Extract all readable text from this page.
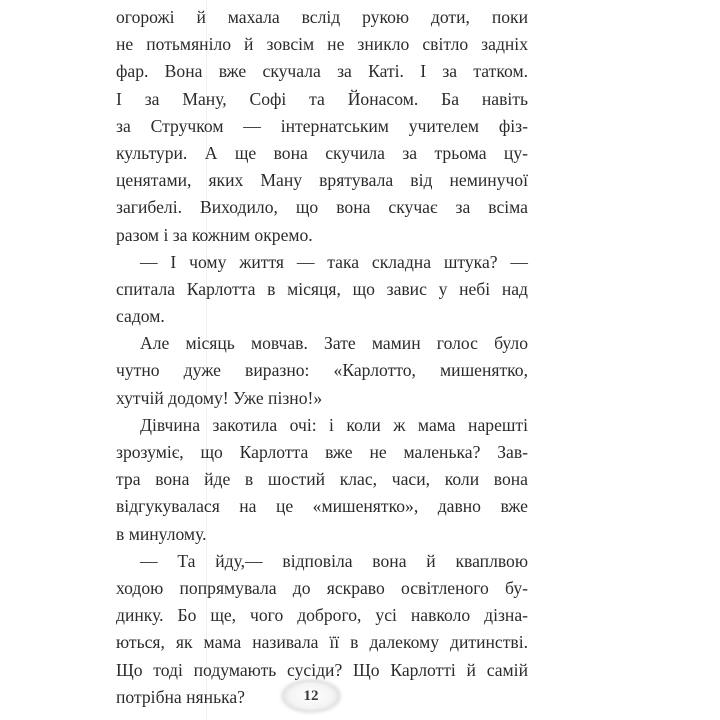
огорожі й махала вслід рукою доти, поки
не потьмяніло й зовсім не зникло світло задніх
фар. Вона вже скучала за Каті. І за татком.
І за Ману, Софі та Йонасом. Ба навіть
за Стручком — інтернатським учителем фіз-
культури. А ще вона скучила за трьома цу-
ценятами, яких Ману врятувала від неминучої
загибелі. Виходило, що вона скучає за всіма
разом і за кожним окремо.
— І чому життя — така складна штука? —
спитала Карлотта в місяця, що завис у небі над
садом.
Але місяць мовчав. Зате мамин голос було
чутно дуже виразно: «Карлотто, мишенятко,
хутчій додому! Уже пізно!»
Дівчина закотила очі: і коли ж мама нарешті
зрозуміє, що Карлотта вже не маленька? Зав-
тра вона йде в шостий клас, часи, коли вона
відгукувалася на це «мишенятко», давно вже
в минулому.
— Та йду,— відповіла вона й кваплвою
ходою попрямувала до яскраво освітленого бу-
динку. Бо ще, чого доброго, усі навколо дізна-
ються, як мама називала її в далекому дитинстві.
Що тоді подумають сусіди? Що Карлотті й самій
потрібна нянька?	12
